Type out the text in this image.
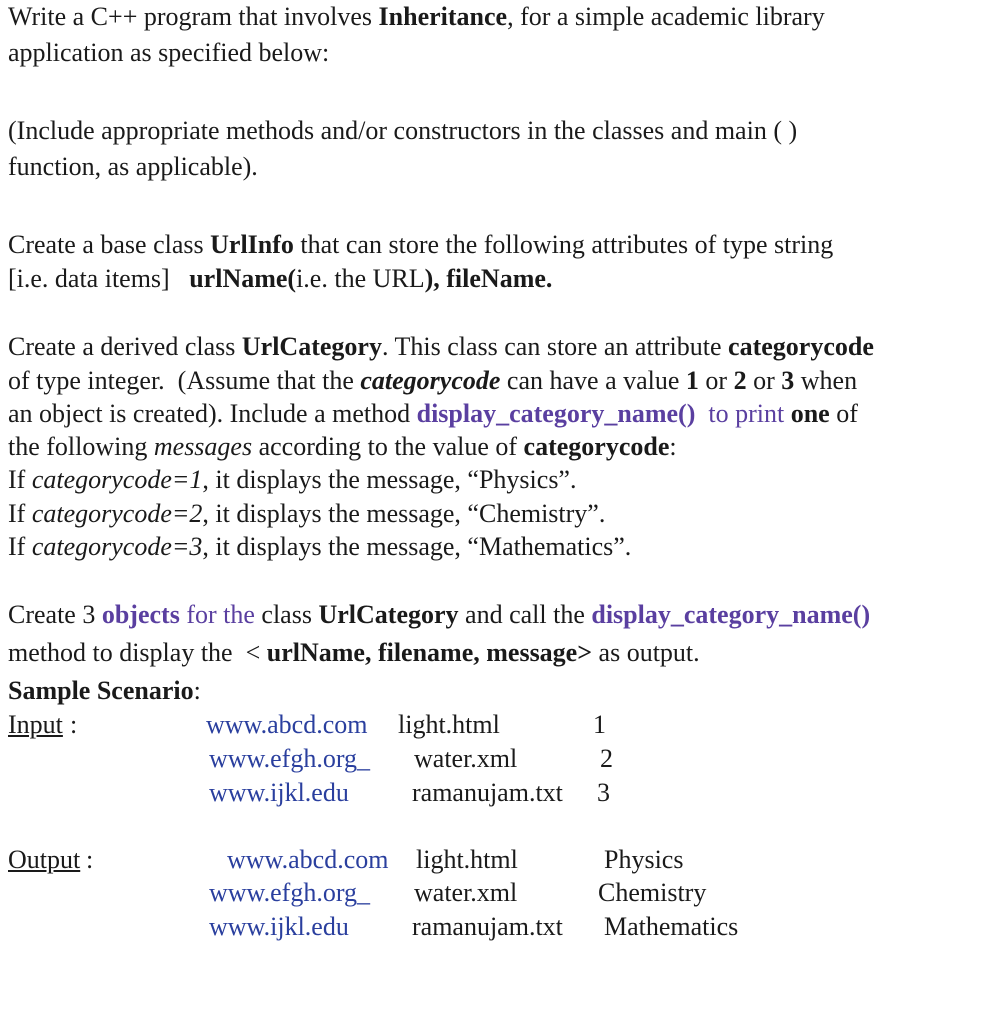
Write a C++ program that involves Inheritance, for a simple academic library
application as specified below:
(Include appropriate methods and/or constructors in the classes and main ( )
function, as applicable).
Create a base class UrlInfo that can store the following attributes of type string
[i.e. data items]   urlName(i.e. the URL), fileName.
Create a derived class UrlCategory. This class can store an attribute categorycode
of type integer.  (Assume that the categorycode can have a value 1 or 2 or 3 when
an object is created). Include a method display_category_name()  to print one of
the following messages according to the value of categorycode:
If categorycode=1, it displays the message, “Physics”.
If categorycode=2, it displays the message, “Chemistry”.
If categorycode=3, it displays the message, “Mathematics”.
Create 3 objects for the class UrlCategory and call the display_category_name()
method to display the  < urlName, filename, message> as output.
Sample Scenario:
Input :	www.abcd.com light.html	1
www.efgh.org_ water.xml	2
www.ijkl.edu ramanujam.txt 3
Output :	www.abcd.com light.html	Physics
www.efgh.org_ water.xml	Chemistry
www.ijkl.edu ramanujam.txt Mathematics
